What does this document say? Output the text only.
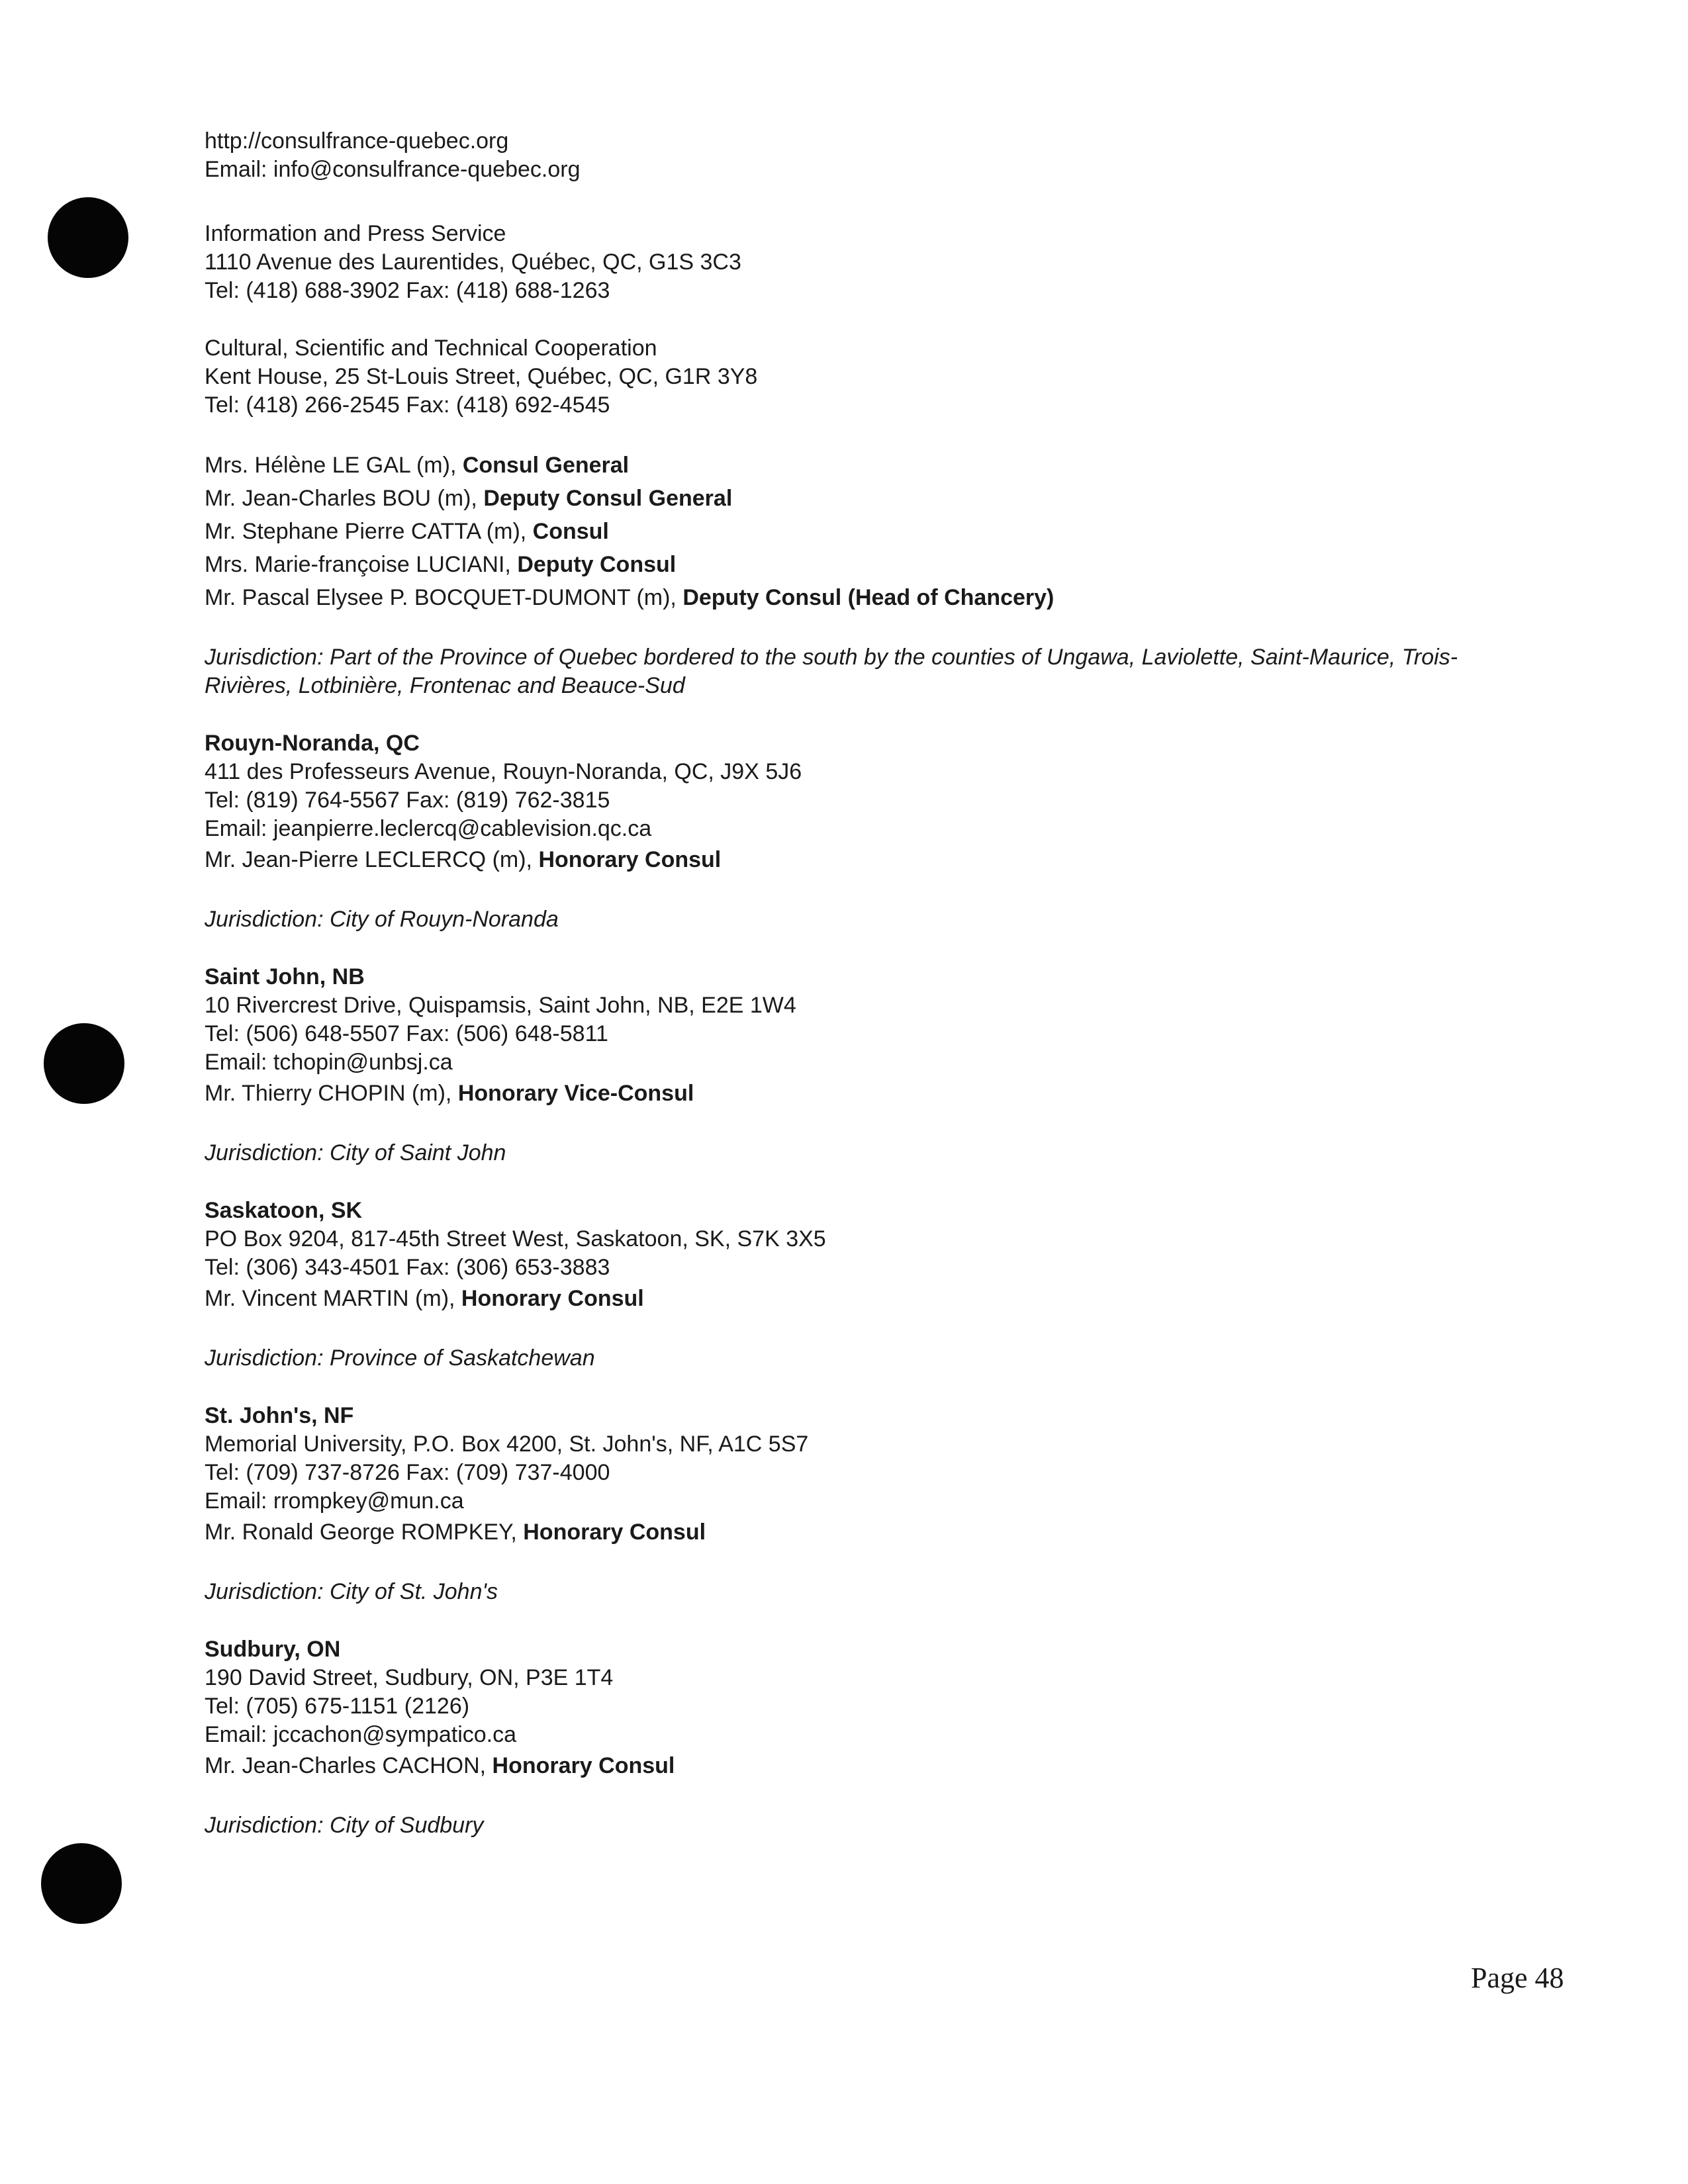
http://consulfrance-quebec.org
Email: info@consulfrance-quebec.org
Information and Press Service
1110 Avenue des Laurentides, Québec, QC, G1S 3C3
Tel: (418) 688-3902 Fax: (418) 688-1263
Cultural, Scientific and Technical Cooperation
Kent House, 25 St-Louis Street, Québec, QC, G1R 3Y8
Tel: (418) 266-2545 Fax: (418) 692-4545
Mrs. Hélène LE GAL (m), Consul General
Mr. Jean-Charles BOU (m), Deputy Consul General
Mr. Stephane Pierre CATTA (m), Consul
Mrs. Marie-françoise LUCIANI, Deputy Consul
Mr. Pascal Elysee P. BOCQUET-DUMONT (m), Deputy Consul (Head of Chancery)
Jurisdiction: Part of the Province of Quebec bordered to the south by the counties of Ungawa, Laviolette, Saint-Maurice, Trois-Rivières, Lotbinière, Frontenac and Beauce-Sud
Rouyn-Noranda, QC
411 des Professeurs Avenue, Rouyn-Noranda, QC, J9X 5J6
Tel: (819) 764-5567 Fax: (819) 762-3815
Email: jeanpierre.leclercq@cablevision.qc.ca
Mr. Jean-Pierre LECLERCQ (m), Honorary Consul
Jurisdiction: City of Rouyn-Noranda
Saint John, NB
10 Rivercrest Drive, Quispamsis, Saint John, NB, E2E 1W4
Tel: (506) 648-5507 Fax: (506) 648-5811
Email: tchopin@unbsj.ca
Mr. Thierry CHOPIN (m), Honorary Vice-Consul
Jurisdiction: City of Saint John
Saskatoon, SK
PO Box 9204, 817-45th Street West, Saskatoon, SK, S7K 3X5
Tel: (306) 343-4501 Fax: (306) 653-3883
Mr. Vincent MARTIN (m), Honorary Consul
Jurisdiction: Province of Saskatchewan
St. John's, NF
Memorial University, P.O. Box 4200, St. John's, NF, A1C 5S7
Tel: (709) 737-8726 Fax: (709) 737-4000
Email: rrompkey@mun.ca
Mr. Ronald George ROMPKEY, Honorary Consul
Jurisdiction: City of St. John's
Sudbury, ON
190 David Street, Sudbury, ON, P3E 1T4
Tel: (705) 675-1151 (2126)
Email: jccachon@sympatico.ca
Mr. Jean-Charles CACHON, Honorary Consul
Jurisdiction: City of Sudbury
Page 48
